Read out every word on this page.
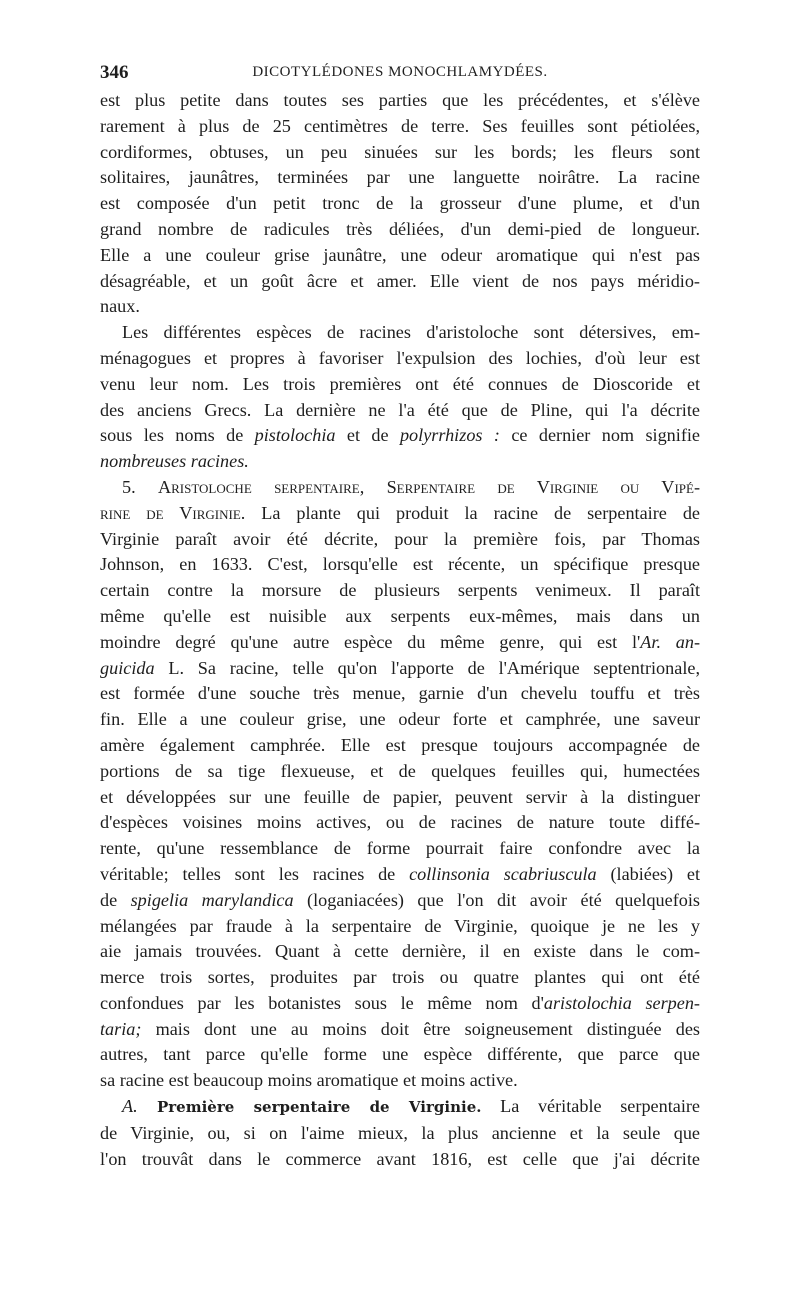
346	DICOTYLÉDONES MONOCHLAMYDÉES.
est plus petite dans toutes ses parties que les précédentes, et s'élève
rarement à plus de 25 centimètres de terre. Ses feuilles sont pétiolées,
cordiformes, obtuses, un peu sinuées sur les bords; les fleurs sont
solitaires, jaunâtres, terminées par une languette noirâtre. La racine
est composée d'un petit tronc de la grosseur d'une plume, et d'un
grand nombre de radicules très déliées, d'un demi-pied de longueur.
Elle a une couleur grise jaunâtre, une odeur aromatique qui n'est pas
désagréable, et un goût âcre et amer. Elle vient de nos pays méridio-
naux.
Les différentes espèces de racines d'aristoloche sont détersives, em-
ménagogues et propres à favoriser l'expulsion des lochies, d'où leur est
venu leur nom. Les trois premières ont été connues de Dioscoride et
des anciens Grecs. La dernière ne l'a été que de Pline, qui l'a décrite
sous les noms de pistolochia et de polyrrhizos : ce dernier nom signifie
nombreuses racines.
5. Aristoloche serpentaire, Serpentaire de Virginie ou Vipé-
rine de Virginie. La plante qui produit la racine de serpentaire de
Virginie paraît avoir été décrite, pour la première fois, par Thomas
Johnson, en 1633. C'est, lorsqu'elle est récente, un spécifique presque
certain contre la morsure de plusieurs serpents venimeux. Il paraît
même qu'elle est nuisible aux serpents eux-mêmes, mais dans un
moindre degré qu'une autre espèce du même genre, qui est l'Ar. an-
guicida L. Sa racine, telle qu'on l'apporte de l'Amérique septentrionale,
est formée d'une souche très menue, garnie d'un chevelu touffu et très
fin. Elle a une couleur grise, une odeur forte et camphrée, une saveur
amère également camphrée. Elle est presque toujours accompagnée de
portions de sa tige flexueuse, et de quelques feuilles qui, humectées
et développées sur une feuille de papier, peuvent servir à la distinguer
d'espèces voisines moins actives, ou de racines de nature toute diffé-
rente, qu'une ressemblance de forme pourrait faire confondre avec la
véritable; telles sont les racines de collinsonia scabriuscula (labiées) et
de spigelia marylandica (loganiacées) que l'on dit avoir été quelquefois
mélangées par fraude à la serpentaire de Virginie, quoique je ne les y
aie jamais trouvées. Quant à cette dernière, il en existe dans le com-
merce trois sortes, produites par trois ou quatre plantes qui ont été
confondues par les botanistes sous le même nom d'aristolochia serpen-
taria; mais dont une au moins doit être soigneusement distinguée des
autres, tant parce qu'elle forme une espèce différente, que parce que
sa racine est beaucoup moins aromatique et moins active.
A. Première serpentaire de Virginie. La véritable serpentaire
de Virginie, ou, si on l'aime mieux, la plus ancienne et la seule que
l'on trouvât dans le commerce avant 1816, est celle que j'ai décrite
